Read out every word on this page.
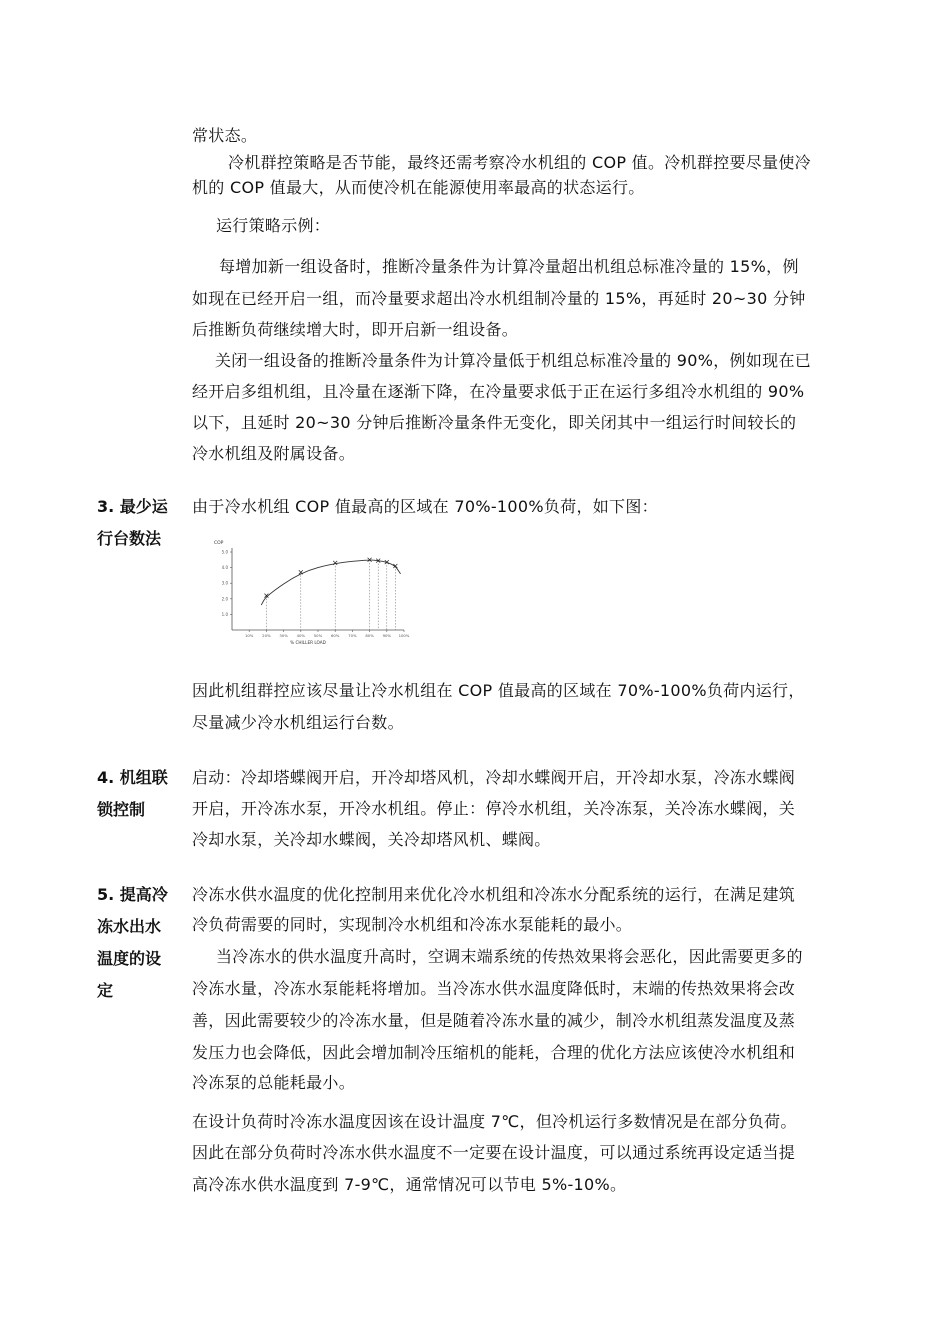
常状态。
冷机群控策略是否节能，最终还需考察冷水机组的 COP 值。冷机群控要尽量使冷
机的 COP 值最大，从而使冷机在能源使用率最高的状态运行。
运行策略示例：
每增加新一组设备时，推断冷量条件为计算冷量超出机组总标准冷量的 15%，例
如现在已经开启一组，而冷量要求超出冷水机组制冷量的 15%，再延时 20~30 分钟
后推断负荷继续增大时，即开启新一组设备。
关闭一组设备的推断冷量条件为计算冷量低于机组总标准冷量的 90%，例如现在已
经开启多组机组，且冷量在逐渐下降，在冷量要求低于正在运行多组冷水机组的 90%
以下，且延时 20~30 分钟后推断冷量条件无变化，即关闭其中一组运行时间较长的
冷水机组及附属设备。
3. 最少运
行台数法
由于冷水机组 COP 值最高的区域在 70%-100%负荷，如下图：
COP
5.0
4.0
3.0
2.0
1.0
10% 20% 30% 40% 50% 60% 70% 80% 90% 100%
% CHILLER LOAD
因此机组群控应该尽量让冷水机组在 COP 值最高的区域在 70%-100%负荷内运行，
尽量减少冷水机组运行台数。
4. 机组联
锁控制
启动：冷却塔蝶阀开启，开冷却塔风机，冷却水蝶阀开启，开冷却水泵，冷冻水蝶阀
开启，开冷冻水泵，开冷水机组。停止：停冷水机组，关冷冻泵，关冷冻水蝶阀，关
冷却水泵，关冷却水蝶阀，关冷却塔风机、蝶阀。
5. 提高冷
冻水出水
温度的设
定
冷冻水供水温度的优化控制用来优化冷水机组和冷冻水分配系统的运行，在满足建筑
冷负荷需要的同时，实现制冷水机组和冷冻水泵能耗的最小。
当冷冻水的供水温度升高时，空调末端系统的传热效果将会恶化，因此需要更多的
冷冻水量，冷冻水泵能耗将增加。当冷冻水供水温度降低时，末端的传热效果将会改
善，因此需要较少的冷冻水量，但是随着冷冻水量的减少，制冷水机组蒸发温度及蒸
发压力也会降低，因此会增加制冷压缩机的能耗，合理的优化方法应该使冷水机组和
冷冻泵的总能耗最小。
在设计负荷时冷冻水温度因该在设计温度 7℃，但冷机运行多数情况是在部分负荷。
因此在部分负荷时冷冻水供水温度不一定要在设计温度，可以通过系统再设定适当提
高冷冻水供水温度到 7-9℃，通常情况可以节电 5%-10%。
